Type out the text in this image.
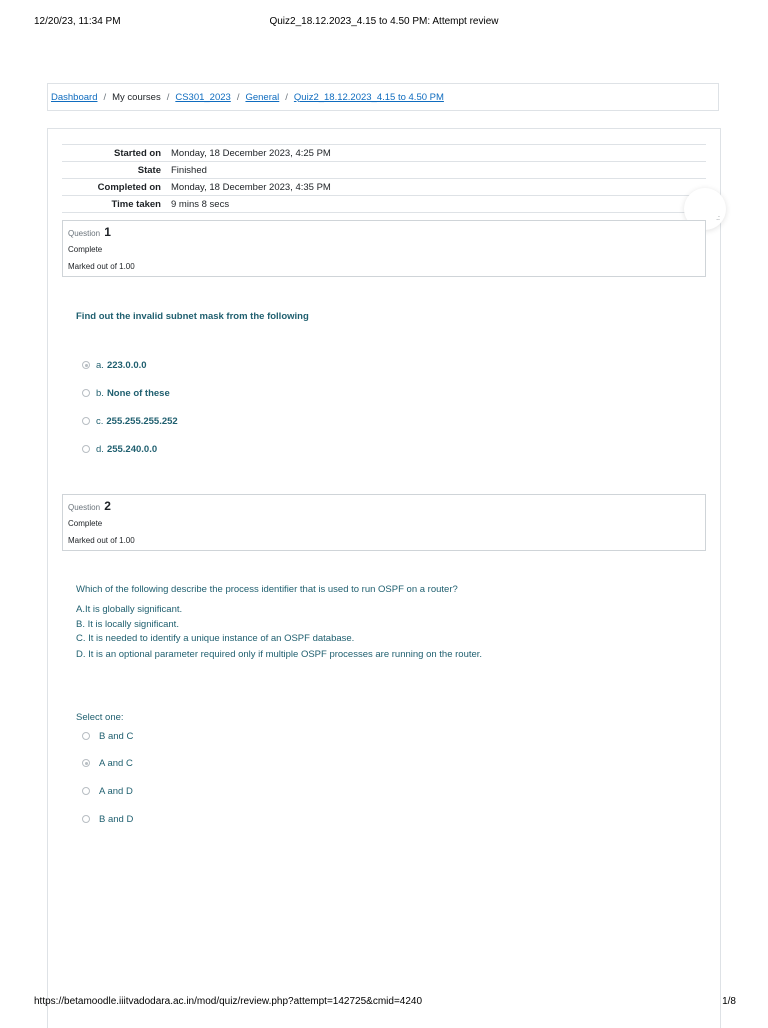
12/20/23, 11:34 PM	Quiz2_18.12.2023_4.15 to 4.50 PM: Attempt review
Dashboard / My courses / CS301_2023 / General / Quiz2_18.12.2023_4.15 to 4.50 PM
Started on	Monday, 18 December 2023, 4:25 PM
State	Finished
Completed on	Monday, 18 December 2023, 4:35 PM
Time taken	9 mins 8 secs
.:
Question 1
Complete
Marked out of 1.00
Find out the invalid subnet mask from the following
a. 223.0.0.0
b. None of these
c. 255.255.255.252
d. 255.240.0.0
Question 2
Complete
Marked out of 1.00
Which of the following describe the process identifier that is used to run OSPF on a router?
A.It is globally significant.
B. It is locally significant.
C. It is needed to identify a unique instance of an OSPF database.
D. It is an optional parameter required only if multiple OSPF processes are running on the router.
Select one:
B and C
A and C
A and D
B and D
https://betamoodle.iiitvadodara.ac.in/mod/quiz/review.php?attempt=142725&cmid=4240	1/8
